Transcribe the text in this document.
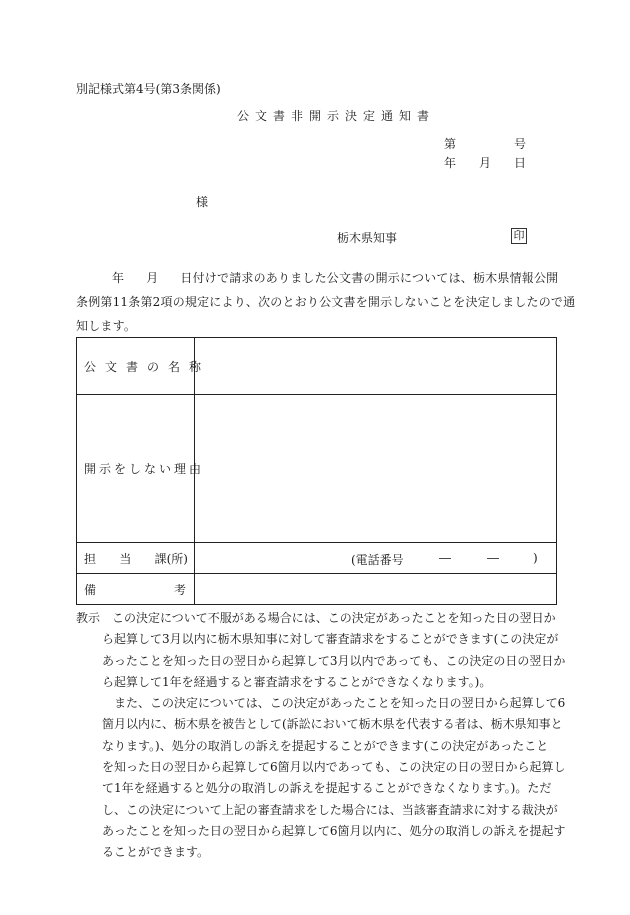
別記様式第4号(第3条関係)
公文書非開示決定通知書
第	号
年 月 日
様
栃木県知事	印
年 月 日付けで請求のありました公文書の開示については、栃木県情報公開
条例第11条第2項の規定により、次のとおり公文書を開示しないことを決定しましたので通
知します。
公文書の名称	
開示をしない理由	

担 当 課(所)	(電話番号 ― ― )

備 考	

教示　この決定について不服がある場合には、この決定があったことを知った日の翌日か
ら起算して3月以内に栃木県知事に対して審査請求をすることができます(この決定が
あったことを知った日の翌日から起算して3月以内であっても、この決定の日の翌日か
ら起算して1年を経過すると審査請求をすることができなくなります。)。
また、この決定については、この決定があったことを知った日の翌日から起算して6
箇月以内に、栃木県を被告として(訴訟において栃木県を代表する者は、栃木県知事と
なります。)、処分の取消しの訴えを提起することができます(この決定があったこと
を知った日の翌日から起算して6箇月以内であっても、この決定の日の翌日から起算し
て1年を経過すると処分の取消しの訴えを提起することができなくなります。)。ただ
し、この決定について上記の審査請求をした場合には、当該審査請求に対する裁決が
あったことを知った日の翌日から起算して6箇月以内に、処分の取消しの訴えを提起す
ることができます。
